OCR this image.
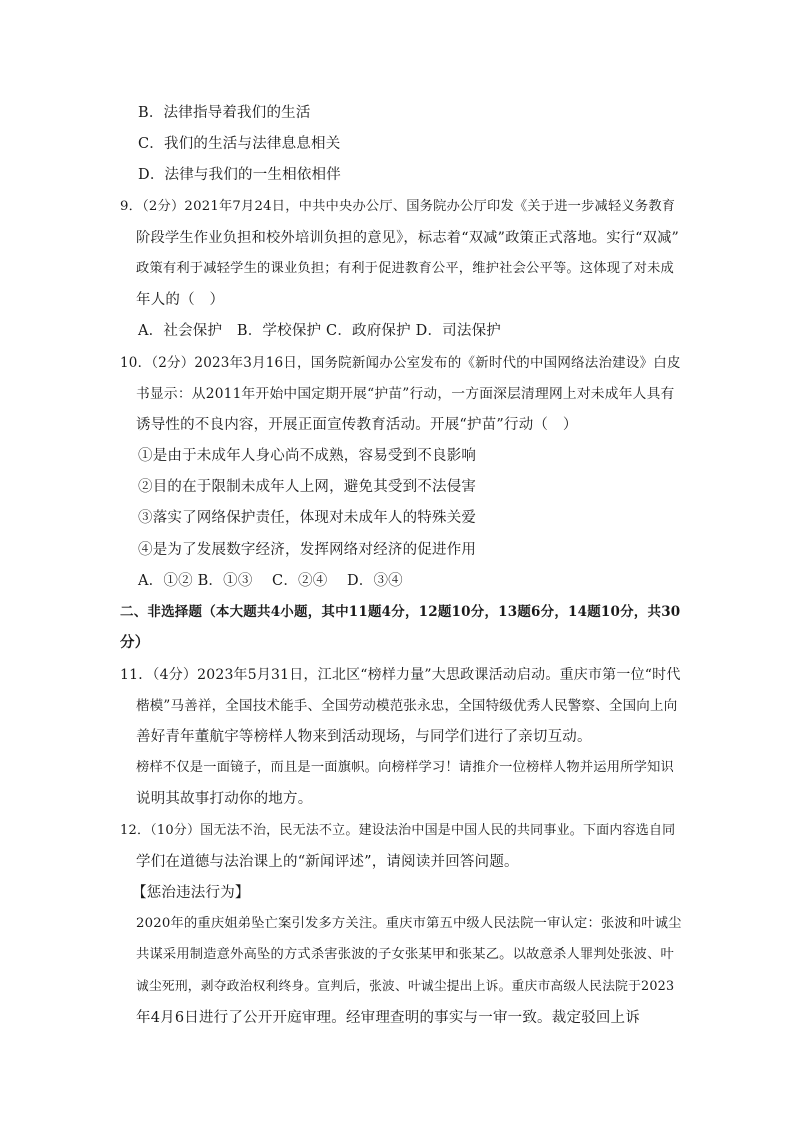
B．法律指导着我们的生活
C．我们的生活与法律息息相关
D．法律与我们的一生相依相伴
9．（2分）2021年7月24日，中共中央办公厅、国务院办公厅印发《关于进一步减轻义务教育
阶段学生作业负担和校外培训负担的意见》，标志着“双减”政策正式落地。实行“双减”
政策有利于减轻学生的课业负担；有利于促进教育公平，维护社会公平等。这体现了对未成
年人的（　）
A．社会保护　B．学校保护 C．政府保护 D．司法保护
10．（2分）2023年3月16日，国务院新闻办公室发布的《新时代的中国网络法治建设》白皮
书显示：从2011年开始中国定期开展“护苗”行动，一方面深层清理网上对未成年人具有
诱导性的不良内容，开展正面宣传教育活动。开展“护苗”行动（　）
①是由于未成年人身心尚不成熟，容易受到不良影响
②目的在于限制未成年人上网，避免其受到不法侵害
③落实了网络保护责任，体现对未成年人的特殊关爱
④是为了发展数字经济，发挥网络对经济的促进作用
A．①② B．①③　 C．②④　 D．③④
二、非选择题（本大题共4小题，其中11题4分，12题10分，13题6分，14题10分，共30
分）
11．（4分）2023年5月31日，江北区“榜样力量”大思政课活动启动。重庆市第一位“时代
楷模”马善祥，全国技术能手、全国劳动模范张永忠，全国特级优秀人民警察、全国向上向
善好青年董航宇等榜样人物来到活动现场，与同学们进行了亲切互动。
榜样不仅是一面镜子，而且是一面旗帜。向榜样学习！请推介一位榜样人物并运用所学知识
说明其故事打动你的地方。
12．（10分）国无法不治，民无法不立。建设法治中国是中国人民的共同事业。下面内容选自同
学们在道德与法治课上的“新闻评述”，请阅读并回答问题。
【惩治违法行为】
2020年的重庆姐弟坠亡案引发多方关注。重庆市第五中级人民法院一审认定：张波和叶诚尘
共谋采用制造意外高坠的方式杀害张波的子女张某甲和张某乙。以故意杀人罪判处张波、叶
诚尘死刑，剥夺政治权利终身。宣判后，张波、叶诚尘提出上诉。重庆市高级人民法院于2023
年4月6日进行了公开开庭审理。经审理查明的事实与一审一致。裁定驳回上诉
